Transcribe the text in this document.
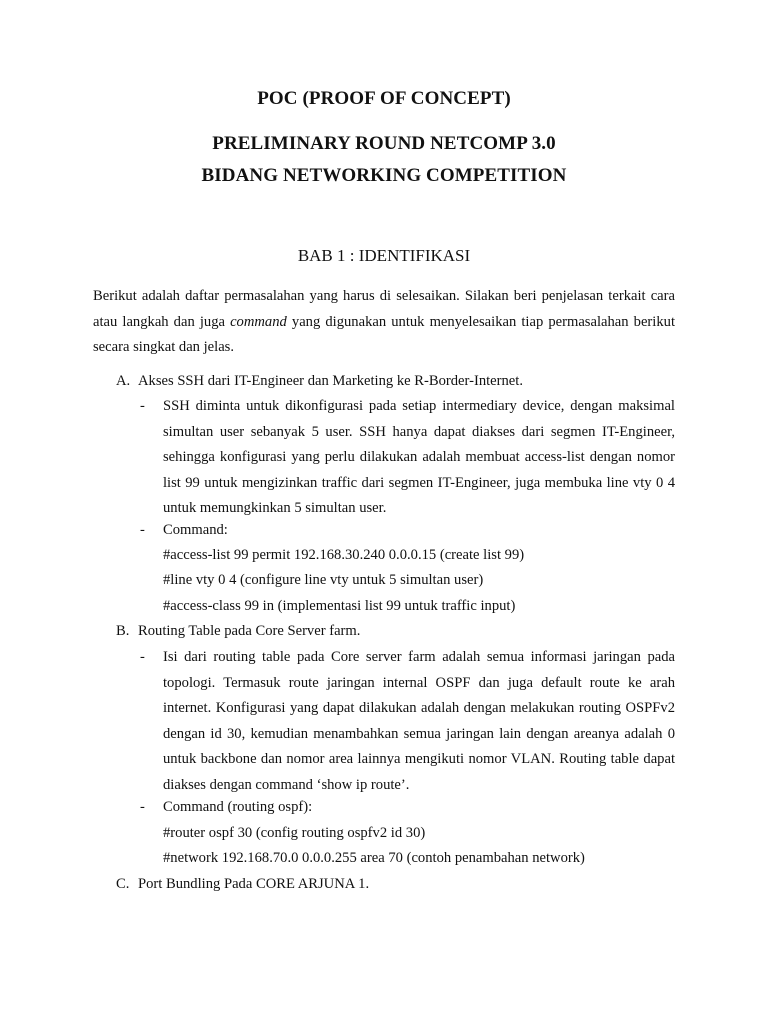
POC (PROOF OF CONCEPT)
PRELIMINARY ROUND NETCOMP 3.0
BIDANG NETWORKING COMPETITION
BAB 1 : IDENTIFIKASI
Berikut adalah daftar permasalahan yang harus di selesaikan. Silakan beri penjelasan terkait cara atau langkah dan juga command yang digunakan untuk menyelesaikan tiap permasalahan berikut secara singkat dan jelas.
A. Akses SSH dari IT-Engineer dan Marketing ke R-Border-Internet.
- SSH diminta untuk dikonfigurasi pada setiap intermediary device, dengan maksimal simultan user sebanyak 5 user. SSH hanya dapat diakses dari segmen IT-Engineer, sehingga konfigurasi yang perlu dilakukan adalah membuat access-list dengan nomor list 99 untuk mengizinkan traffic dari segmen IT-Engineer, juga membuka line vty 0 4 untuk memungkinkan 5 simultan user.
- Command:
#access-list 99 permit 192.168.30.240 0.0.0.15 (create list 99)
#line vty 0 4 (configure line vty untuk 5 simultan user)
#access-class 99 in (implementasi list 99 untuk traffic input)
B. Routing Table pada Core Server farm.
- Isi dari routing table pada Core server farm adalah semua informasi jaringan pada topologi. Termasuk route jaringan internal OSPF dan juga default route ke arah internet. Konfigurasi yang dapat dilakukan adalah dengan melakukan routing OSPFv2 dengan id 30, kemudian menambahkan semua jaringan lain dengan areanya adalah 0 untuk backbone dan nomor area lainnya mengikuti nomor VLAN. Routing table dapat diakses dengan command ‘show ip route’.
- Command (routing ospf):
#router ospf 30 (config routing ospfv2 id 30)
#network 192.168.70.0 0.0.0.255 area 70 (contoh penambahan network)
C. Port Bundling Pada CORE ARJUNA 1.
